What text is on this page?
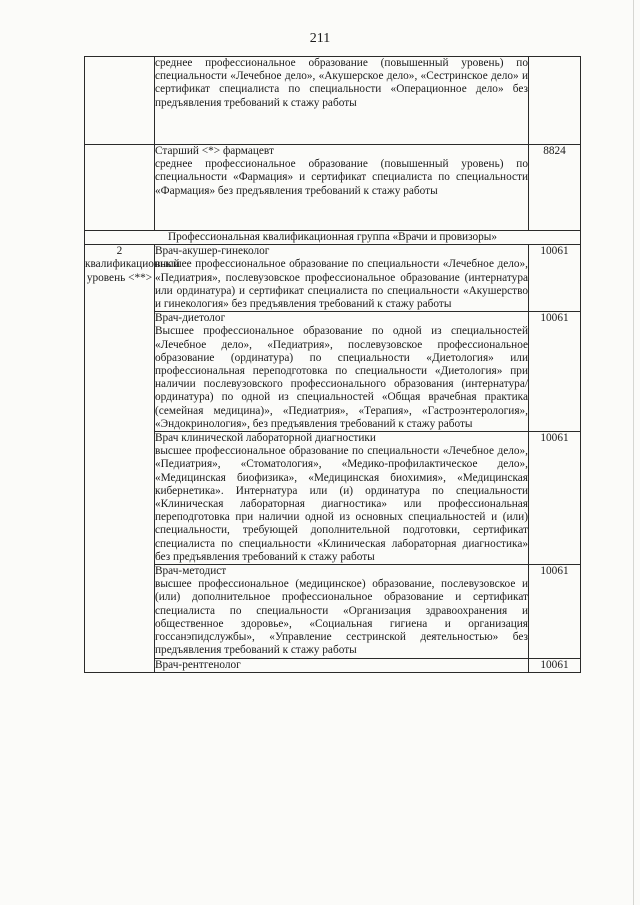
211
	среднее профессиональное образование (повышенный уровень) по специальности «Лечебное дело», «Акушерское дело», «Сестринское дело» и сертификат специалиста по специальности «Операционное дело» без предъявления требований к стажу работы	

	Старший <*> фармацевт
среднее профессиональное образование (повышенный уровень) по специальности «Фармация» и сертификат специалиста по специальности «Фармация» без предъявления требований к стажу работы	8824
Профессиональная квалификационная группа «Врачи и провизоры»		
2 квалификационный уровень <**>	Врач-акушер-гинеколог
высшее профессиональное образование по специальности «Лечебное дело», «Педиатрия», послевузовское профессиональное образование (интернатура или ординатура) и сертификат специалиста по специальности «Акушерство и гинекология» без предъявления требований к стажу работы	10061

	Врач-диетолог
Высшее профессиональное образование по одной из специальностей «Лечебное дело», «Педиатрия», послевузовское профессиональное образование (ординатура) по специальности «Диетология» или профессиональная переподготовка по специальности «Диетология» при наличии послевузовского профессионального образования (интернатура/ординатура) по одной из специальностей «Общая врачебная практика (семейная медицина)», «Педиатрия», «Терапия», «Гастроэнтерология», «Эндокринология», без предъявления требований к стажу работы	10061

	Врач клинической лабораторной диагностики
высшее профессиональное образование по специальности «Лечебное дело», «Педиатрия», «Стоматология», «Медико-профилактическое дело», «Медицинская биофизика», «Медицинская биохимия», «Медицинская кибернетика». Интернатура или (и) ординатура по специальности «Клиническая лабораторная диагностика» или профессиональная переподготовка при наличии одной из основных специальностей и (или) специальности, требующей дополнительной подготовки, сертификат специалиста по специальности «Клиническая лабораторная диагностика» без предъявления требований к стажу работы	10061

	Врач-методист
высшее профессиональное (медицинское) образование, послевузовское и (или) дополнительное профессиональное образование и сертификат специалиста по специальности «Организация здравоохранения и общественное здоровье», «Социальная гигиена и организация госсанэпидслужбы», «Управление сестринской деятельностью» без предъявления требований к стажу работы	10061

	Врач-рентгенолог	10061
